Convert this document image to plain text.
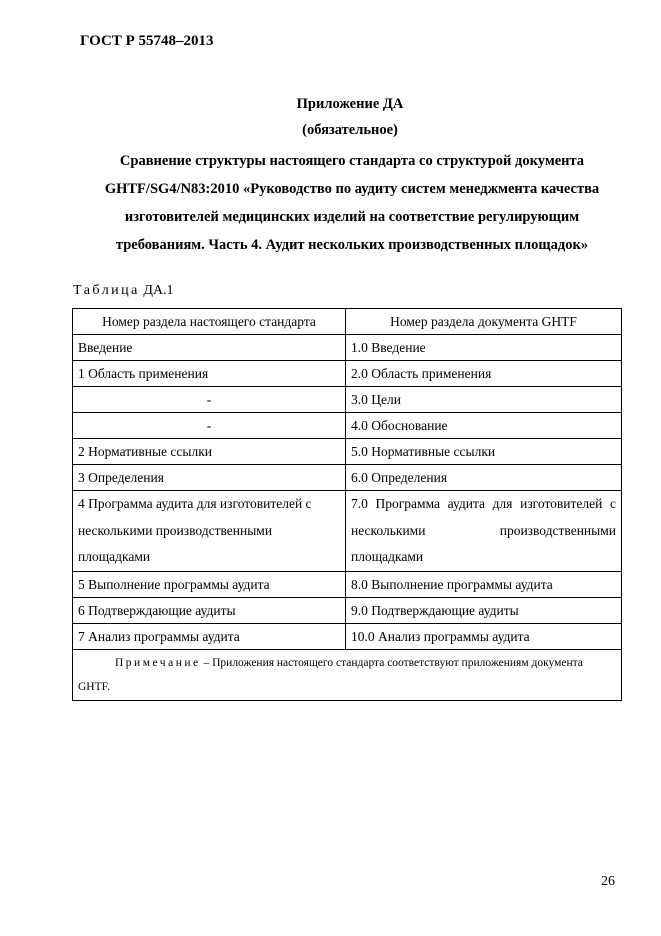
ГОСТ Р 55748–2013
Приложение ДА
(обязательное)
Сравнение структуры настоящего стандарта со структурой документа
GHTF/SG4/N83:2010 «Руководство по аудиту систем менеджмента качества
изготовителей медицинских изделий на соответствие регулирующим
требованиям. Часть 4. Аудит нескольких производственных площадок»
Таблица ДА.1
Номер раздела настоящего стандарта	Номер раздела документа GHTF
Введение	1.0 Введение
1 Область применения	2.0 Область применения
-	3.0 Цели
-	4.0 Обоснование
2 Нормативные ссылки	5.0 Нормативные ссылки
3 Определения	6.0 Определения
4 Программа аудита для изготовителей с несколькими производственными площадками	7.0 Программа аудита для изготовителей с несколькими производственными площадками
5 Выполнение программы аудита	8.0 Выполнение программы аудита
6 Подтверждающие аудиты	9.0 Подтверждающие аудиты
7 Анализ программы аудита	10.0 Анализ программы аудита
Примечание – Приложения настоящего стандарта соответствуют приложениям документа GHTF.	
26
